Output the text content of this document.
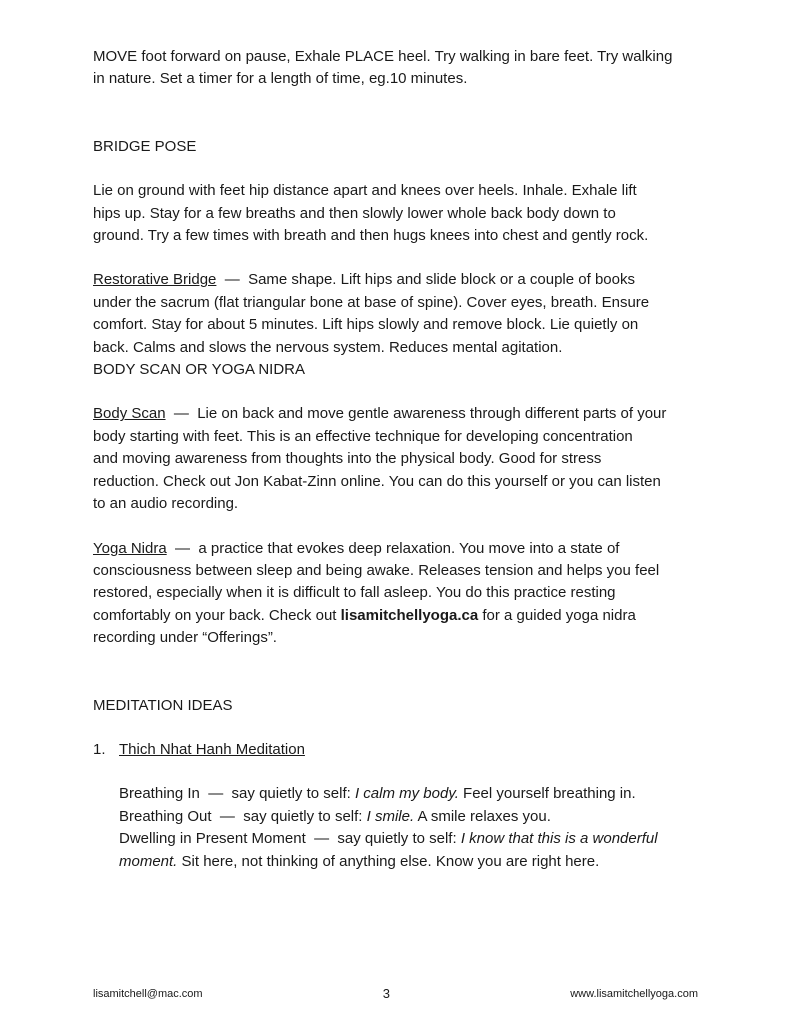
MOVE foot forward on pause, Exhale PLACE heel. Try walking in bare feet. Try walking

in nature. Set a timer for a length of time, eg.10 minutes.

BRIDGE POSE

Lie on ground with feet hip distance apart and knees over heels. Inhale. Exhale lift

hips up. Stay for a few breaths and then slowly lower whole back body down to

ground. Try a few times with breath and then hugs knees into chest and gently rock.

Restorative Bridge  —  Same shape. Lift hips and slide block or a couple of books

under the sacrum (flat triangular bone at base of spine). Cover eyes, breath. Ensure

comfort. Stay for about 5 minutes. Lift hips slowly and remove block. Lie quietly on

back. Calms and slows the nervous system. Reduces mental agitation.

BODY SCAN OR YOGA NIDRA

Body Scan  —  Lie on back and move gentle awareness through different parts of your

body starting with feet. This is an effective technique for developing concentration

and moving awareness from thoughts into the physical body. Good for stress

reduction. Check out Jon Kabat-Zinn online. You can do this yourself or you can listen

to an audio recording.

Yoga Nidra  —  a practice that evokes deep relaxation. You move into a state of

consciousness between sleep and being awake. Releases tension and helps you feel

restored, especially when it is difficult to fall asleep. You do this practice resting

comfortably on your back. Check out lisamitchellyoga.ca for a guided yoga nidra

recording under “Offerings”.

MEDITATION IDEAS

1. Thich Nhat Hanh Meditation

Breathing In  —  say quietly to self: I calm my body. Feel yourself breathing in.

Breathing Out  —  say quietly to self: I smile. A smile relaxes you.

Dwelling in Present Moment  —  say quietly to self: I know that this is a wonderful

moment. Sit here, not thinking of anything else. Know you are right here.

lisamitchell@mac.com	3	www.lisamitchellyoga.com
